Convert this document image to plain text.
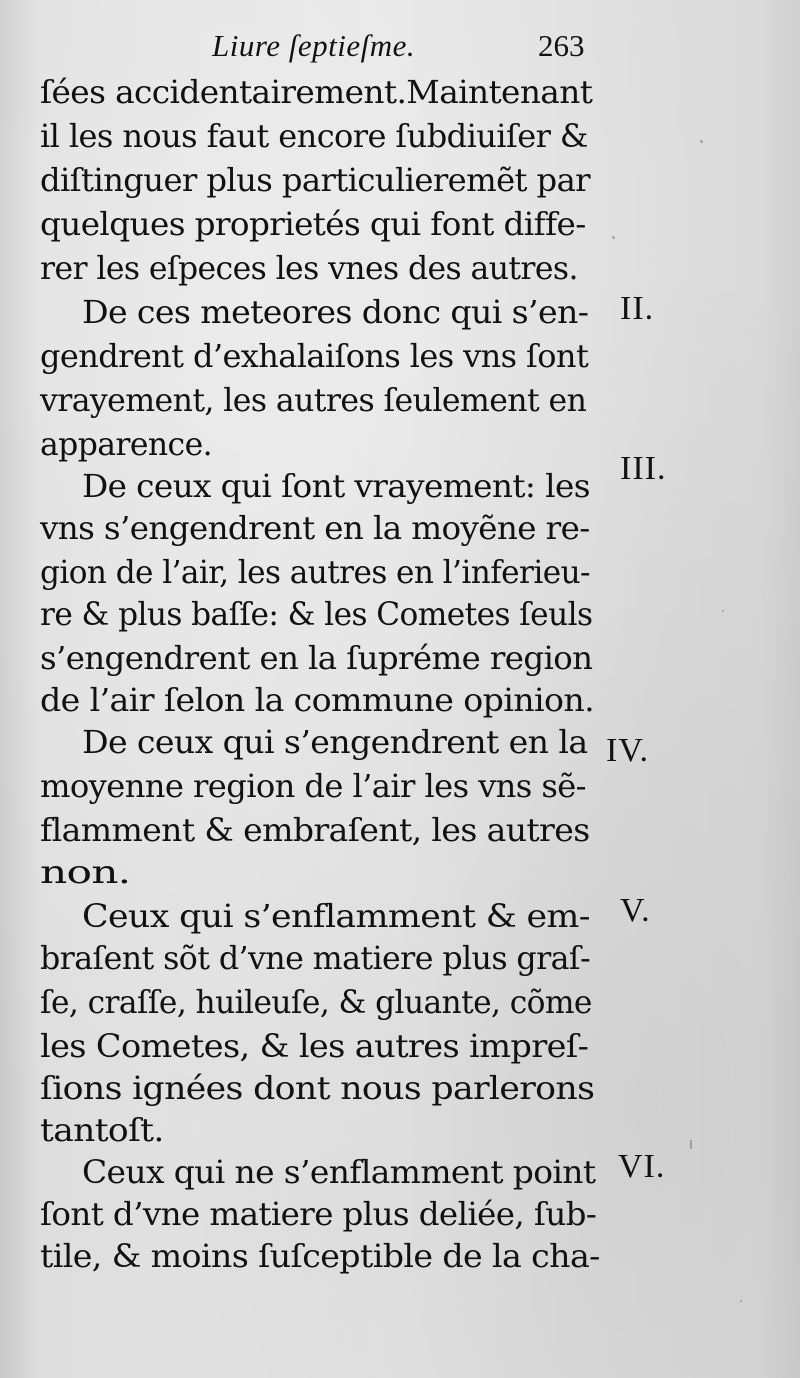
Liure ſeptieſme.	263
ſées accidentairement.Maintenant
il les nous faut encore ſubdiuiſer &
diſtinguer plus particulieremẽt par
quelques proprietés qui font diffe-
rer les eſpeces les vnes des autres.
De ces meteores donc qui s’en-
gendrent d’exhalaiſons les vns ſont
vrayement, les autres ſeulement en
apparence.
De ceux qui ſont vrayement: les
vns s’engendrent en la moyẽne re-
gion de l’air, les autres en l’inferieu-
re & plus baſſe: & les Cometes ſeuls
s’engendrent en la ſupréme region
de l’air ſelon la commune opinion.
De ceux qui s’engendrent en la
moyenne region de l’air les vns sẽ-
flamment & embraſent, les autres
non.
Ceux qui s’enflamment & em-
braſent sõt d’vne matiere plus graſ-
ſe, craſſe, huileuſe, & gluante, cõme
les Cometes, & les autres impreſ-
ſions ignées dont nous parlerons
tantoſt.
Ceux qui ne s’enflamment point
ſont d’vne matiere plus deliée, ſub-
tile, & moins ſuſceptible de la cha-
II.
III.
IV.
V.
VI.
